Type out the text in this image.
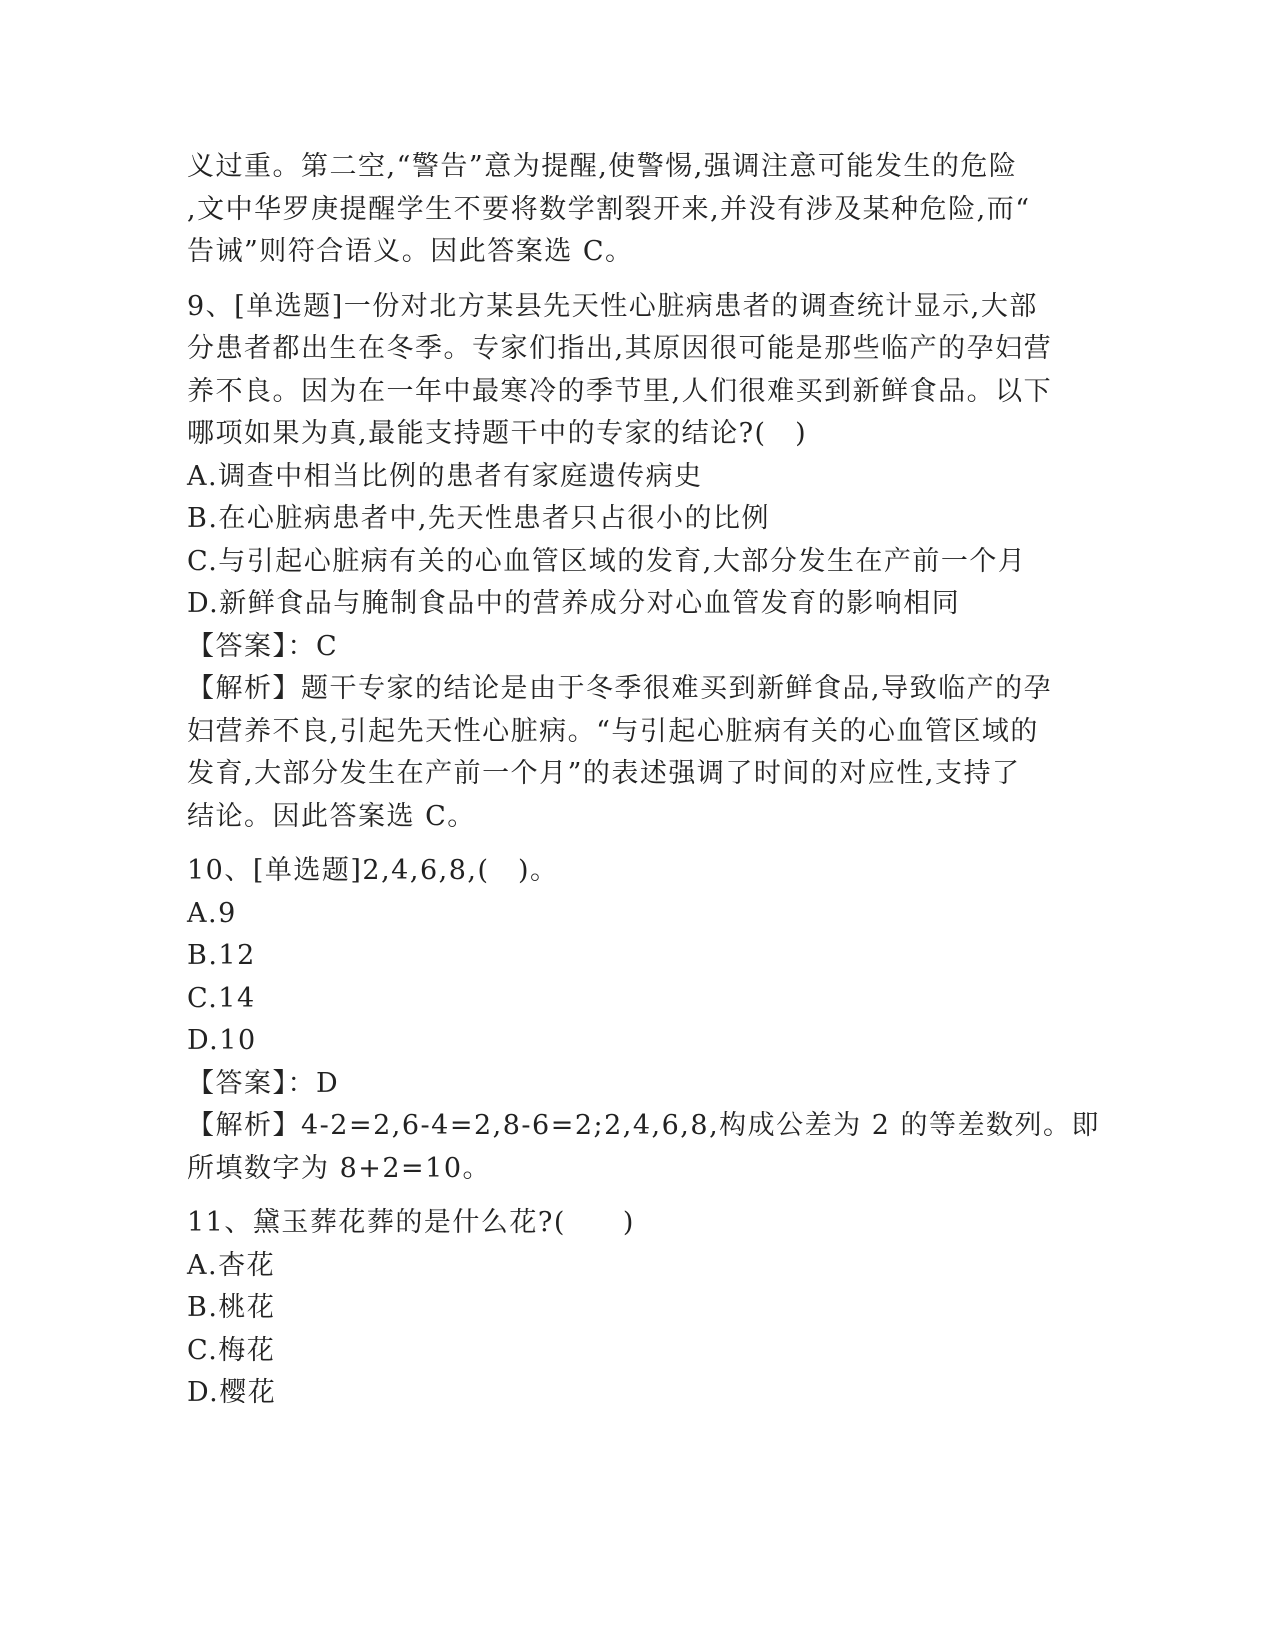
义过重。第二空,“警告”意为提醒,使警惕,强调注意可能发生的危险
,文中华罗庚提醒学生不要将数学割裂开来,并没有涉及某种危险,而“
告诫”则符合语义。因此答案选 C。
9、[单选题]一份对北方某县先天性心脏病患者的调查统计显示,大部
分患者都出生在冬季。专家们指出,其原因很可能是那些临产的孕妇营
养不良。因为在一年中最寒冷的季节里,人们很难买到新鲜食品。以下
哪项如果为真,最能支持题干中的专家的结论?(　)
A.调查中相当比例的患者有家庭遗传病史
B.在心脏病患者中,先天性患者只占很小的比例
C.与引起心脏病有关的心血管区域的发育,大部分发生在产前一个月
D.新鲜食品与腌制食品中的营养成分对心血管发育的影响相同
【答案】：C
【解析】题干专家的结论是由于冬季很难买到新鲜食品,导致临产的孕
妇营养不良,引起先天性心脏病。“与引起心脏病有关的心血管区域的
发育,大部分发生在产前一个月”的表述强调了时间的对应性,支持了
结论。因此答案选 C。
10、[单选题]2,4,6,8,(　)。
A.9
B.12
C.14
D.10
【答案】：D
【解析】4-2=2,6-4=2,8-6=2;2,4,6,8,构成公差为 2 的等差数列。即
所填数字为 8+2=10。
11、黛玉葬花葬的是什么花?(　　)
A.杏花
B.桃花
C.梅花
D.樱花
